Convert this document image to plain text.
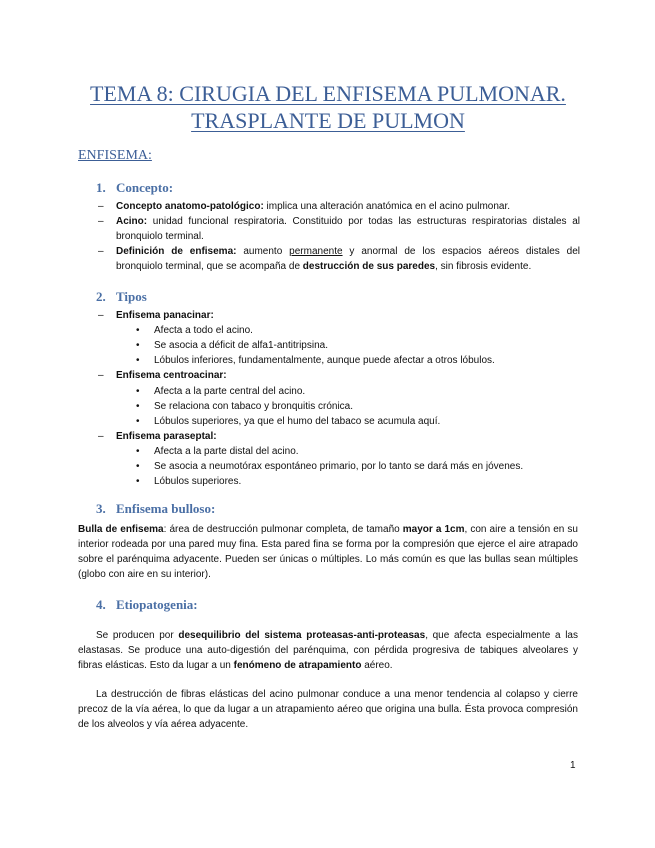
TEMA 8: CIRUGIA DEL ENFISEMA PULMONAR.
TRASPLANTE DE PULMON
ENFISEMA:
1. Concepto:
– Concepto anatomo-patológico: implica una alteración anatómica en el acino pulmonar.
– Acino: unidad funcional respiratoria. Constituido por todas las estructuras respiratorias distales al bronquiolo terminal.
– Definición de enfisema: aumento permanente y anormal de los espacios aéreos distales del bronquiolo terminal, que se acompaña de destrucción de sus paredes, sin fibrosis evidente.
2. Tipos
– Enfisema panacinar:
• Afecta a todo el acino.
• Se asocia a déficit de alfa1-antitripsina.
• Lóbulos inferiores, fundamentalmente, aunque puede afectar a otros lóbulos.
– Enfisema centroacinar:
• Afecta a la parte central del acino.
• Se relaciona con tabaco y bronquitis crónica.
• Lóbulos superiores, ya que el humo del tabaco se acumula aquí.
– Enfisema paraseptal:
• Afecta a la parte distal del acino.
• Se asocia a neumotórax espontáneo primario, por lo tanto se dará más en jóvenes.
• Lóbulos superiores.
3. Enfisema bulloso:
Bulla de enfisema: área de destrucción pulmonar completa, de tamaño mayor a 1cm, con aire a tensión en su interior rodeada por una pared muy fina. Esta pared fina se forma por la compresión que ejerce el aire atrapado sobre el parénquima adyacente. Pueden ser únicas o múltiples. Lo más común es que las bullas sean múltiples (globo con aire en su interior).
4. Etiopatogenia:
Se producen por desequilibrio del sistema proteasas-anti-proteasas, que afecta especialmente a las elastasas. Se produce una auto-digestión del parénquima, con pérdida progresiva de tabiques alveolares y fibras elásticas. Esto da lugar a un fenómeno de atrapamiento aéreo.
La destrucción de fibras elásticas del acino pulmonar conduce a una menor tendencia al colapso y cierre precoz de la vía aérea, lo que da lugar a un atrapamiento aéreo que origina una bulla. Ésta provoca compresión de los alveolos y vía aérea adyacente.
1
